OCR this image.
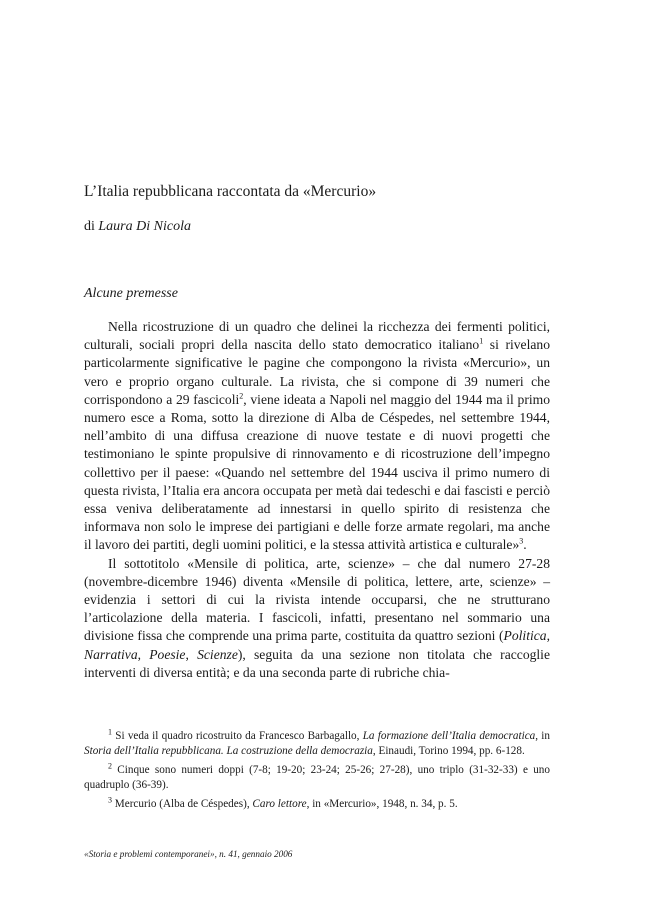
L’Italia repubblicana raccontata da «Mercurio»

di Laura Di Nicola

Alcune premesse

Nella ricostruzione di un quadro che delinei la ricchezza dei fermenti politici, culturali, sociali propri della nascita dello stato democratico italiano$^1$ si rivelano particolarmente significative le pagine che compongono la rivista «Mercurio», un vero e proprio organo culturale. La rivista, che si compone di 39 numeri che corrispondono a 29 fascicoli$^2$, viene ideata a Napoli nel maggio del 1944 ma il primo numero esce a Roma, sotto la direzione di Alba de Céspedes, nel settembre 1944, nell’ambito di una diffusa creazione di nuove testate e di nuovi progetti che testimoniano le spinte propulsive di rinnovamento e di ricostruzione dell’impegno collettivo per il paese: «Quando nel settembre del 1944 usciva il primo numero di questa rivista, l’Italia era ancora occupata per metà dai tedeschi e dai fascisti e perciò essa veniva deliberatamente ad innestarsi in quello spirito di resistenza che informava non solo le imprese dei partigiani e delle forze armate regolari, ma anche il lavoro dei partiti, degli uomini politici, e la stessa attività artistica e culturale»$^3$.

Il sottotitolo «Mensile di politica, arte, scienze» – che dal numero 27-28 (novembre-dicembre 1946) diventa «Mensile di politica, lettere, arte, scienze» – evidenzia i settori di cui la rivista intende occuparsi, che ne strutturano l’articolazione della materia. I fascicoli, infatti, presentano nel sommario una divisione fissa che comprende una prima parte, costituita da quattro sezioni (Politica, Narrativa, Poesie, Scienze), seguita da una sezione non titolata che raccoglie interventi di diversa entità; e da una seconda parte di rubriche chia-

$^1$ Si veda il quadro ricostruito da Francesco Barbagallo, La formazione dell’Italia democratica, in Storia dell’Italia repubblicana. La costruzione della democrazia, Einaudi, Torino 1994, pp. 6-128.

$^2$ Cinque sono numeri doppi (7-8; 19-20; 23-24; 25-26; 27-28), uno triplo (31-32-33) e uno quadruplo (36-39).

$^3$ Mercurio (Alba de Céspedes), Caro lettore, in «Mercurio», 1948, n. 34, p. 5.

«Storia e problemi contemporanei», n. 41, gennaio 2006
